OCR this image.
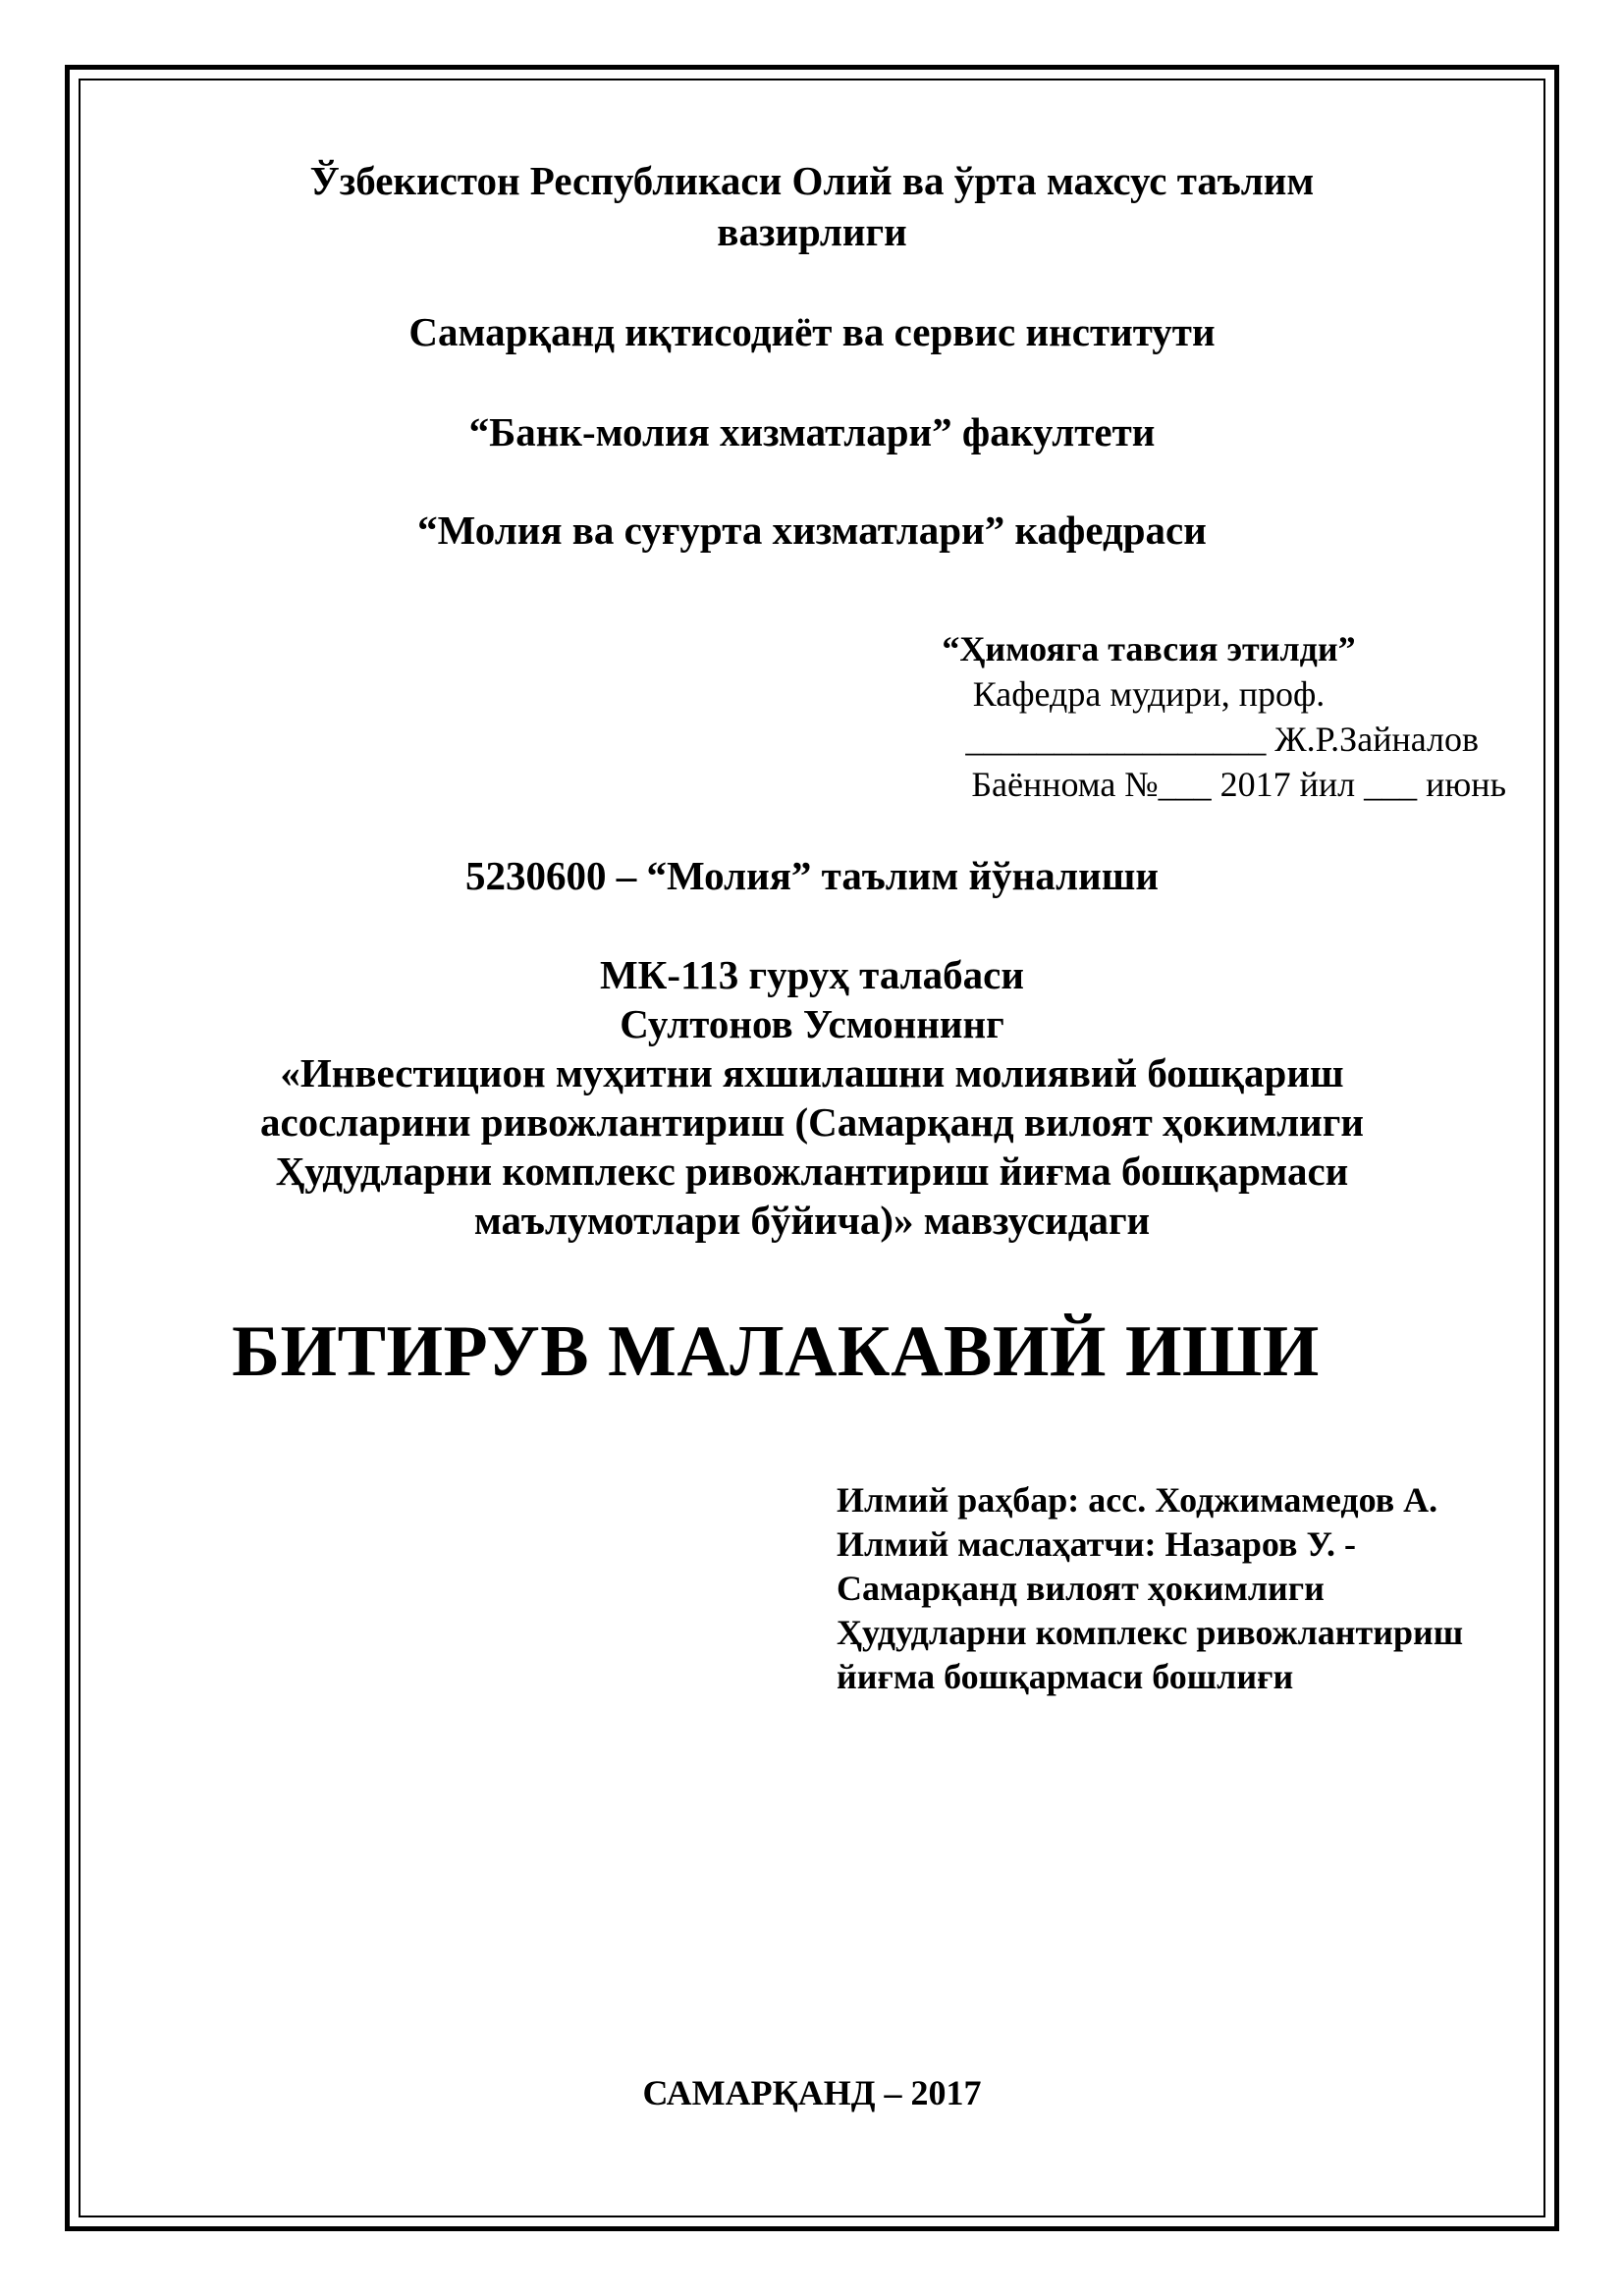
Ўзбекистон Республикаси Олий ва ўрта махсус таълим
вазирлиги
Самарқанд иқтисодиёт ва сервис институти
“Банк-молия хизматлари” факултети
“Молия ва суғурта хизматлари” кафедраси
“Ҳимояга тавсия этилди”
Кафедра мудири, проф.
_________________ Ж.Р.Зайналов
Баённома №___ 2017 йил ___ июнь
5230600 – “Молия” таълим йўналиши
МК-113 гуруҳ талабаси
Султонов Усмоннинг
«Инвестицион муҳитни яхшилашни молиявий бошқариш
асосларини ривожлантириш (Самарқанд вилоят ҳокимлиги
Ҳудудларни комплекс ривожлантириш йиғма бошқармаси
маълумотлари бўйича)» мавзусидаги
БИТИРУВ МАЛАКАВИЙ ИШИ
Илмий раҳбар: асс. Ходжимамедов А.
Илмий маслаҳатчи: Назаров У. -
Самарқанд вилоят ҳокимлиги
Ҳудудларни комплекс ривожлантириш
йиғма бошқармаси бошлиғи
САМАРҚАНД – 2017
